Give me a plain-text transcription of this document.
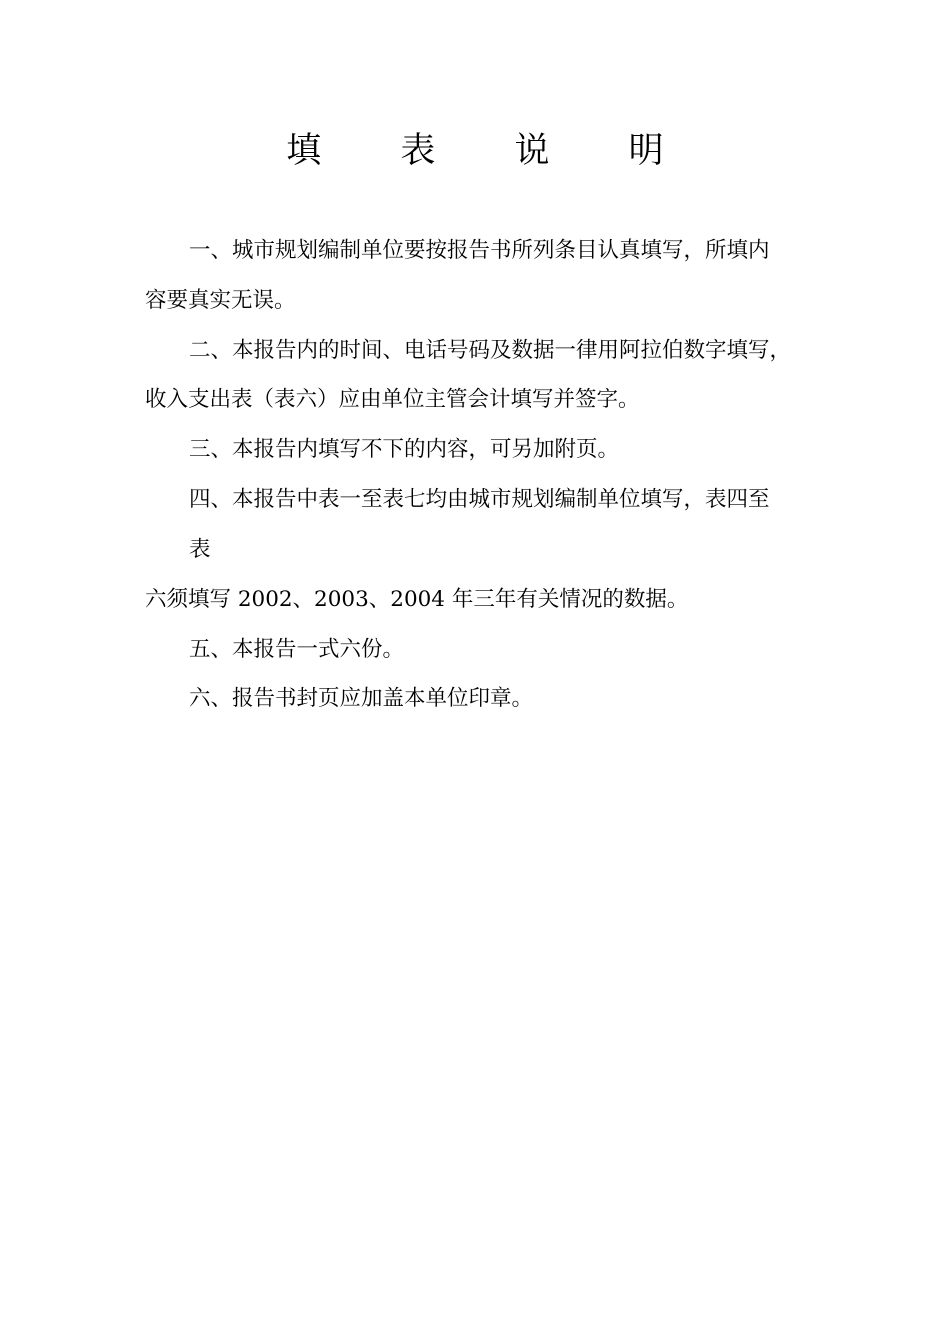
填 表 说 明
一、城市规划编制单位要按报告书所列条目认真填写，所填内
容要真实无误。
二、本报告内的时间、电话号码及数据一律用阿拉伯数字填写，
收入支出表（表六）应由单位主管会计填写并签字。
三、本报告内填写不下的内容，可另加附页。
四、本报告中表一至表七均由城市规划编制单位填写，表四至
表
六须填写 2002、2003、2004 年三年有关情况的数据。
五、本报告一式六份。
六、报告书封页应加盖本单位印章。
